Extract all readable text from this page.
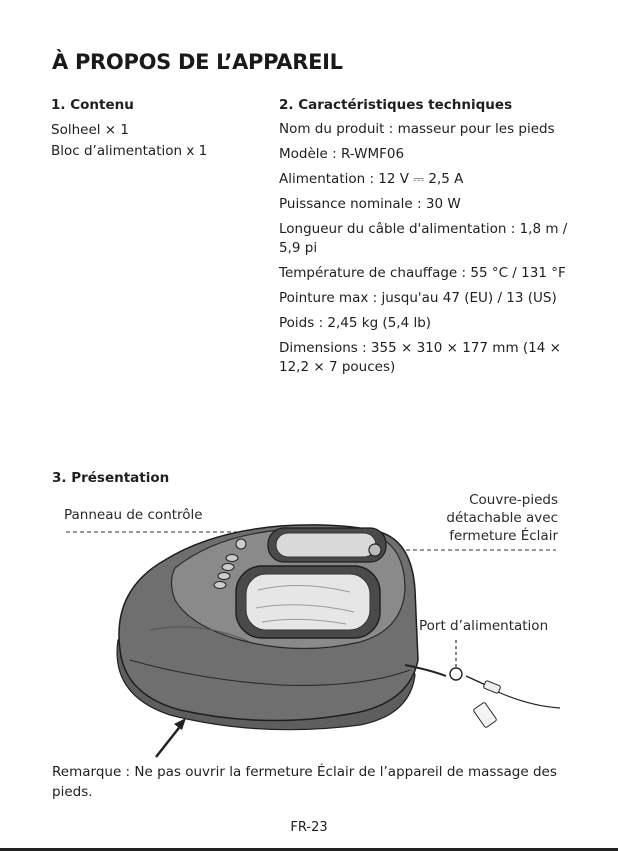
À PROPOS DE L’APPAREIL
1. Contenu
Solheel × 1
Bloc d’alimentation x 1
2. Caractéristiques techniques
Nom du produit : masseur pour les pieds
Modèle : R-WMF06
Alimentation : 12 V ⎓ 2,5 A
Puissance nominale : 30 W
Longueur du câble d'alimentation : 1,8 m / 5,9 pi
Température de chauffage : 55 °C / 131 °F
Pointure max : jusqu'au 47 (EU) / 13 (US)
Poids : 2,45 kg (5,4 lb)
Dimensions : 355 × 310 × 177 mm (14 × 12,2 × 7 pouces)
3. Présentation
Panneau de contrôle
Couvre-pieds détachable avec fermeture Éclair
Port d’alimentation
Remarque : Ne pas ouvrir la fermeture Éclair de l’appareil de massage des pieds.
FR-23
